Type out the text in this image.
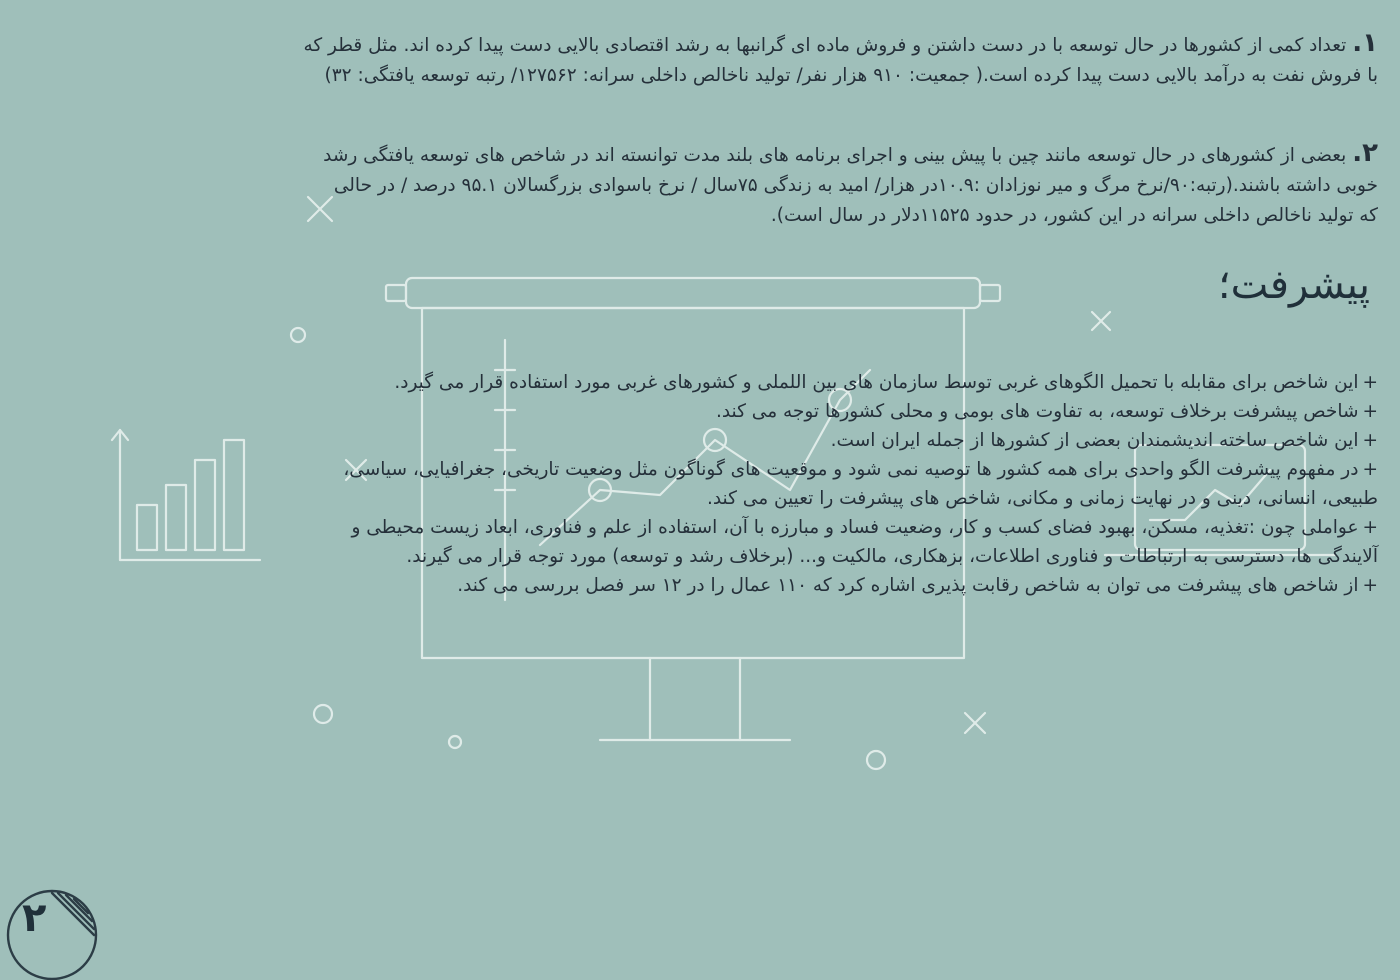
۱. تعداد کمی از کشورها در حال توسعه با در دست داشتن و فروش ماده ای گرانبها به رشد اقتصادی بالایی دست پیدا کرده اند. مثل قطر که
با فروش نفت به درآمد بالایی دست پیدا کرده است.( جمعیت: ۹۱۰ هزار نفر/ تولید ناخالص داخلی سرانه: ۱۲۷۵۶۲/ رتبه توسعه یافتگی: ۳۲)
۲. بعضی از کشورهای در حال توسعه مانند چین با پیش بینی و اجرای برنامه های بلند مدت توانسته اند در شاخص های توسعه یافتگی رشد
خوبی داشته باشند.(رتبه:۹۰/نرخ مرگ و میر نوزادان :۱۰.۹در هزار/ امید به زندگی ۷۵سال / نرخ باسوادی بزرگسالان ۹۵.۱ درصد / در حالی
که تولید ناخالص داخلی سرانه در این کشور، در حدود ۱۱۵۲۵دلار در سال است).
پیشرفت؛
+این شاخص برای مقابله با تحمیل الگوهای غربی توسط سازمان های بین اللملی و کشورهای غربی مورد استفاده قرار می گیرد.
+شاخص پیشرفت برخلاف توسعه، به تفاوت های بومی و محلی کشورها توجه می کند.
+این شاخص ساخته اندیشمندان بعضی از کشورها از جمله ایران است.
+در مفهوم پیشرفت الگو واحدی برای همه کشور ها توصیه نمی شود و موقعیت های گوناگون مثل وضعیت تاریخی، جغرافیایی، سیاسی،
طبیعی، انسانی، دینی و در نهایت زمانی و مکانی، شاخص های پیشرفت را تعیین می کند.
+عواملی چون :تغذیه، مسکن، بهبود فضای کسب و کار، وضعیت فساد و مبارزه با آن، استفاده از علم و فناوری، ابعاد زیست محیطی و
آلایندگی ها، دسترسی به ارتباطات و فناوری اطلاعات، بزهکاری، مالکیت و... (برخلاف رشد و توسعه) مورد توجه قرار می گیرند.
+از شاخص های پیشرفت می توان به شاخص رقابت پذیری اشاره کرد که ۱۱۰ عمال را در ۱۲ سر فصل بررسی می کند.
۲
